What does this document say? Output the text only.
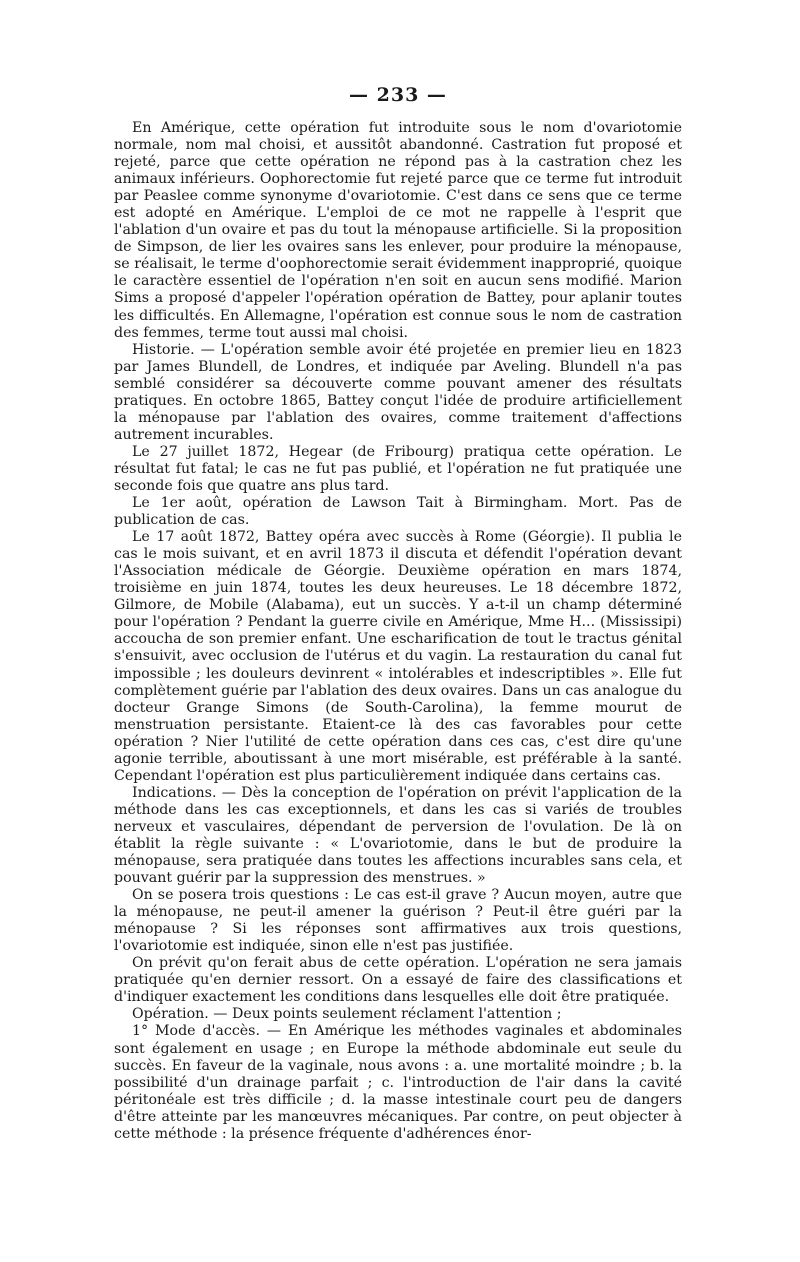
— 233 —

En Amérique, cette opération fut introduite sous le nom d'ovariotomie normale, nom mal choisi, et aussitôt abandonné. Castration fut proposé et rejeté, parce que cette opération ne répond pas à la castration chez les animaux inférieurs. Oophorectomie fut rejeté parce que ce terme fut introduit par Peaslee comme synonyme d'ovariotomie. C'est dans ce sens que ce terme est adopté en Amérique. L'emploi de ce mot ne rappelle à l'esprit que l'ablation d'un ovaire et pas du tout la ménopause artificielle. Si la proposition de Simpson, de lier les ovaires sans les enlever, pour produire la ménopause, se réalisait, le terme d'oophorectomie serait évidemment inapproprié, quoique le caractère essentiel de l'opération n'en soit en aucun sens modifié. Marion Sims a proposé d'appeler l'opération opération de Battey, pour aplanir toutes les difficultés. En Allemagne, l'opération est connue sous le nom de castration des femmes, terme tout aussi mal choisi.

Historie. — L'opération semble avoir été projetée en premier lieu en 1823 par James Blundell, de Londres, et indiquée par Aveling. Blundell n'a pas semblé considérer sa découverte comme pouvant amener des résultats pratiques. En octobre 1865, Battey conçut l'idée de produire artificiellement la ménopause par l'ablation des ovaires, comme traitement d'affections autrement incurables.

Le 27 juillet 1872, Hegear (de Fribourg) pratiqua cette opération. Le résultat fut fatal; le cas ne fut pas publié, et l'opération ne fut pratiquée une seconde fois que quatre ans plus tard.

Le 1er août, opération de Lawson Tait à Birmingham. Mort. Pas de publication de cas.

Le 17 août 1872, Battey opéra avec succès à Rome (Géorgie). Il publia le cas le mois suivant, et en avril 1873 il discuta et défendit l'opération devant l'Association médicale de Géorgie. Deuxième opération en mars 1874, troisième en juin 1874, toutes les deux heureuses. Le 18 décembre 1872, Gilmore, de Mobile (Alabama), eut un succès. Y a-t-il un champ déterminé pour l'opération ? Pendant la guerre civile en Amérique, Mme H... (Mississipi) accoucha de son premier enfant. Une escharification de tout le tractus génital s'ensuivit, avec occlusion de l'utérus et du vagin. La restauration du canal fut impossible ; les douleurs devinrent « intolérables et indescriptibles ». Elle fut complètement guérie par l'ablation des deux ovaires. Dans un cas analogue du docteur Grange Simons (de South-Carolina), la femme mourut de menstruation persistante. Etaient-ce là des cas favorables pour cette opération ? Nier l'utilité de cette opération dans ces cas, c'est dire qu'une agonie terrible, aboutissant à une mort misérable, est préférable à la santé. Cependant l'opération est plus particulièrement indiquée dans certains cas.

Indications. — Dès la conception de l'opération on prévit l'application de la méthode dans les cas exceptionnels, et dans les cas si variés de troubles nerveux et vasculaires, dépendant de perversion de l'ovulation. De là on établit la règle suivante : « L'ovariotomie, dans le but de produire la ménopause, sera pratiquée dans toutes les affections incurables sans cela, et pouvant guérir par la suppression des menstrues. »

On se posera trois questions : Le cas est-il grave ? Aucun moyen, autre que la ménopause, ne peut-il amener la guérison ? Peut-il être guéri par la ménopause ? Si les réponses sont affirmatives aux trois questions, l'ovariotomie est indiquée, sinon elle n'est pas justifiée.

On prévit qu'on ferait abus de cette opération. L'opération ne sera jamais pratiquée qu'en dernier ressort. On a essayé de faire des classifications et d'indiquer exactement les conditions dans lesquelles elle doit être pratiquée.

Opération. — Deux points seulement réclament l'attention ;

1° Mode d'accès. — En Amérique les méthodes vaginales et abdominales sont également en usage ; en Europe la méthode abdominale eut seule du succès. En faveur de la vaginale, nous avons : a. une mortalité moindre ; b. la possibilité d'un drainage parfait ; c. l'introduction de l'air dans la cavité péritonéale est très difficile ; d. la masse intestinale court peu de dangers d'être atteinte par les manœuvres mécaniques. Par contre, on peut objecter à cette méthode : la présence fréquente d'adhérences énor-
